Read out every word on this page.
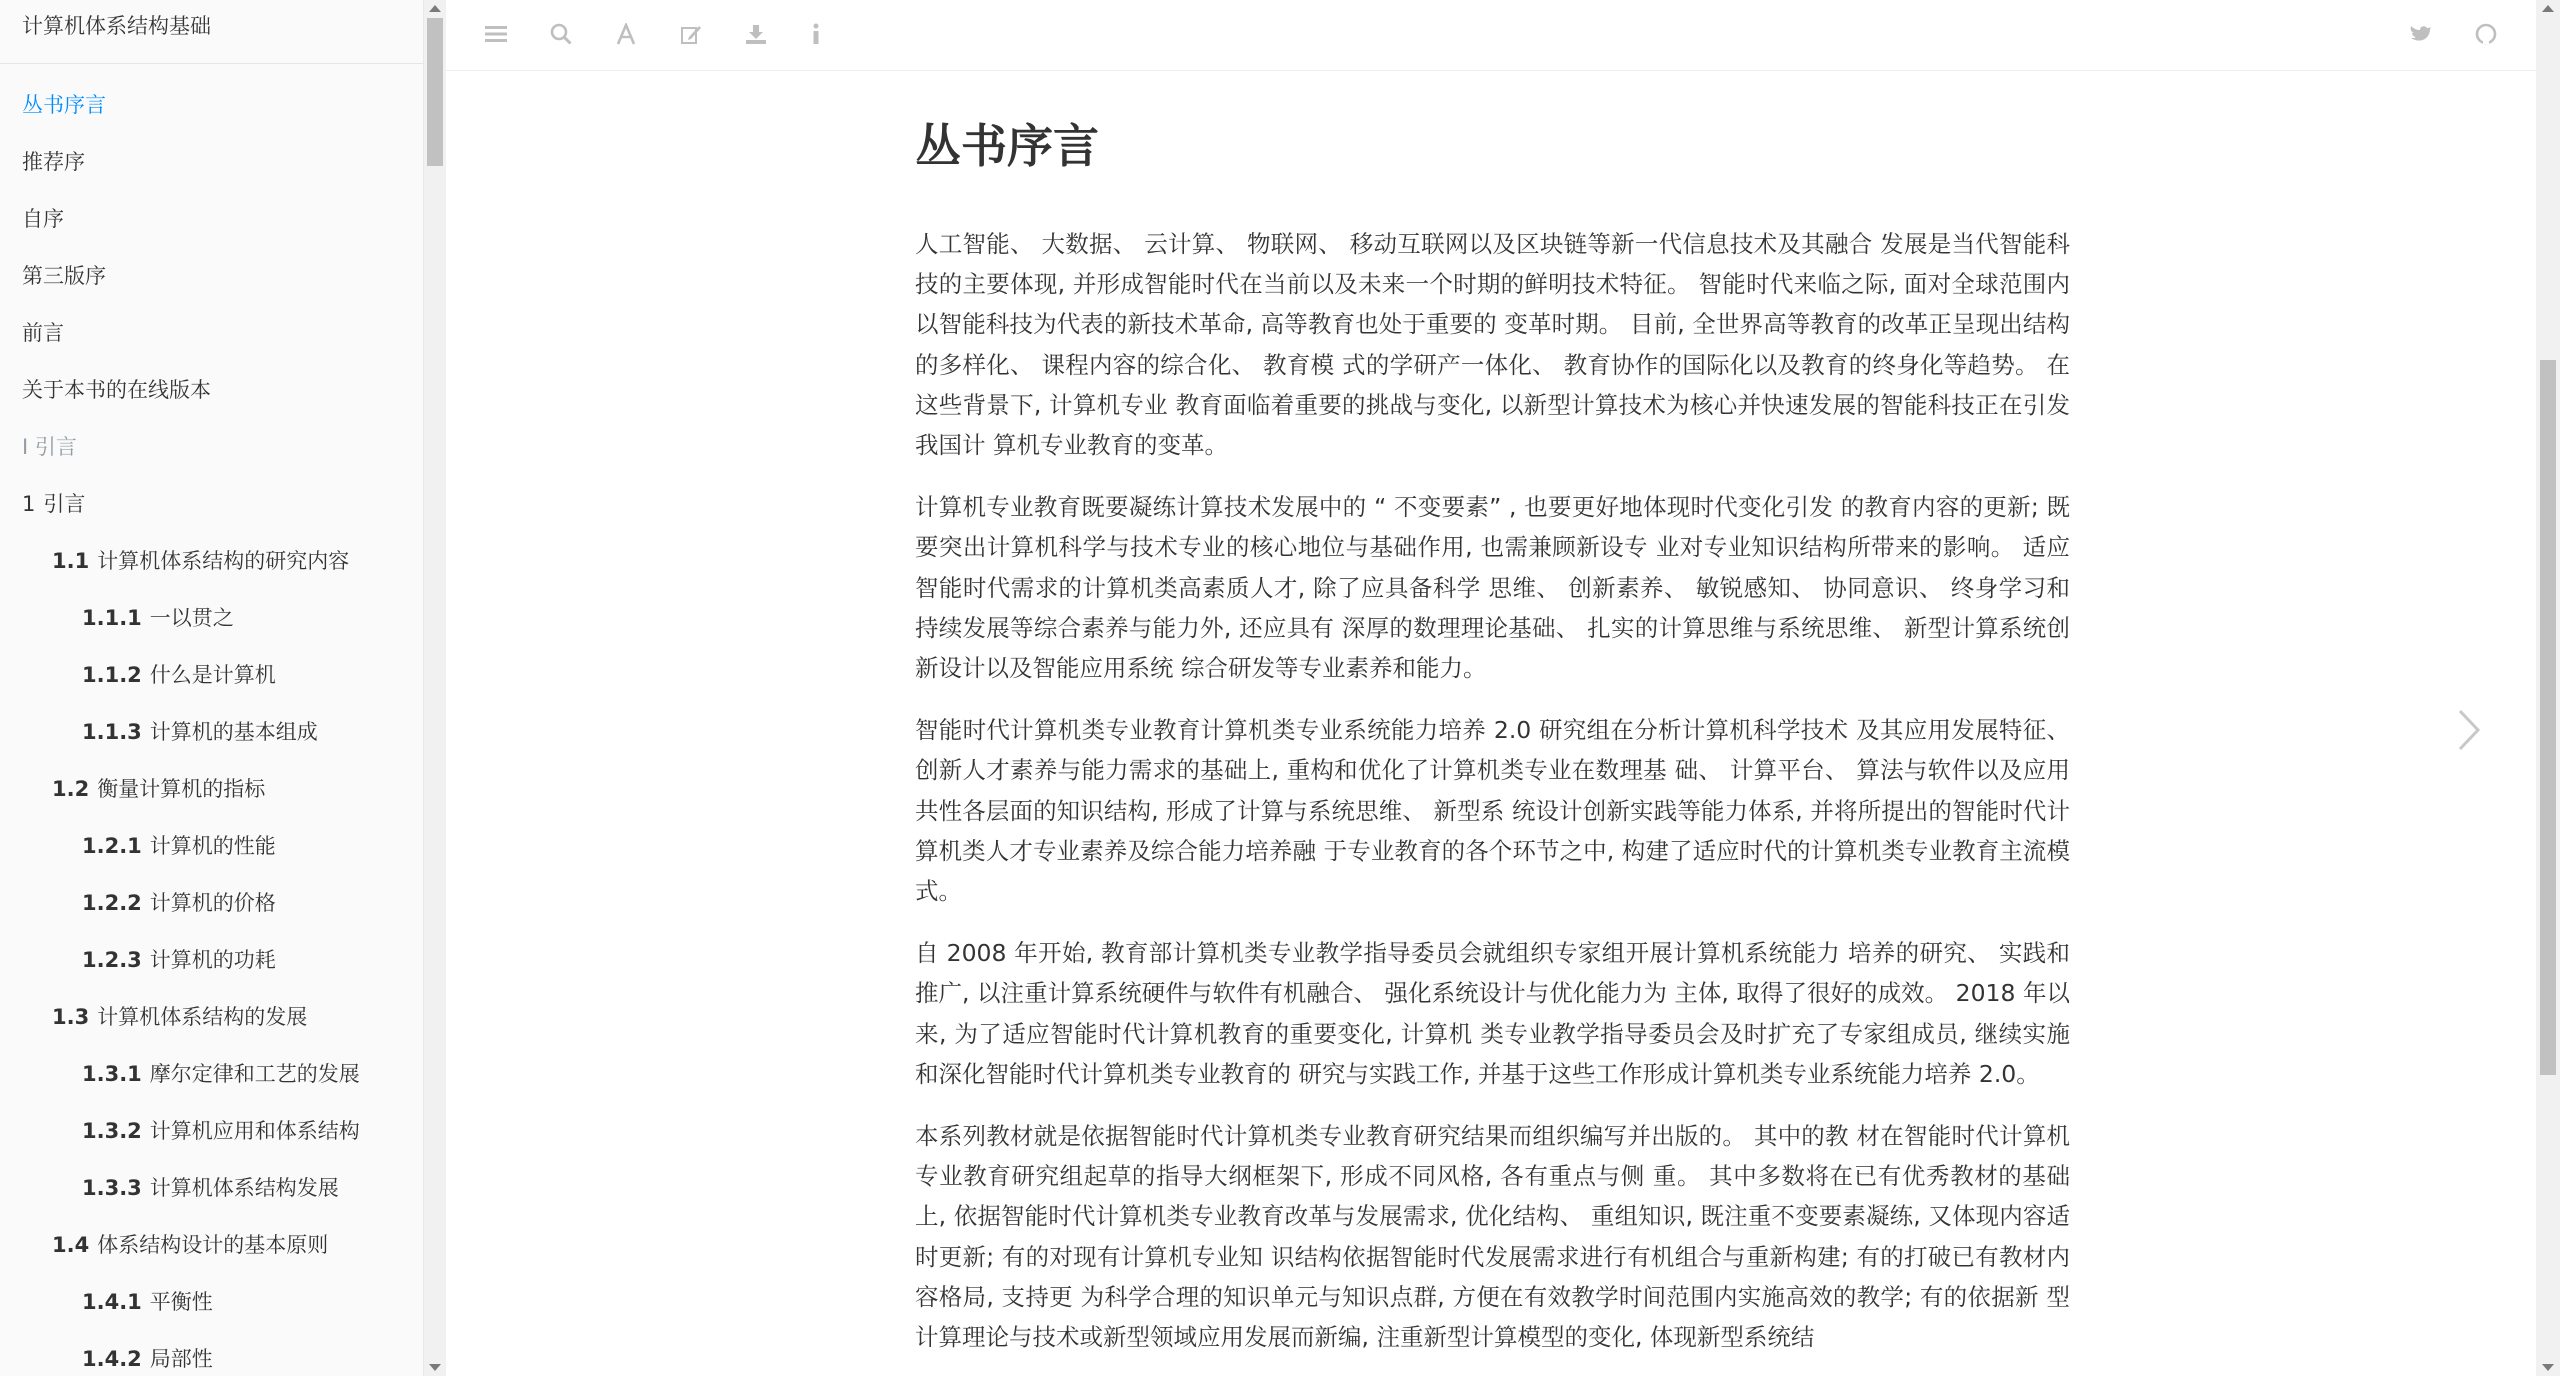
计算机体系结构基础
丛书序言
推荐序
自序
第三版序
前言
关于本书的在线版本
I 引言
1 引言
1.1 计算机体系结构的研究内容
1.1.1 一以贯之
1.1.2 什么是计算机
1.1.3 计算机的基本组成
1.2 衡量计算机的指标
1.2.1 计算机的性能
1.2.2 计算机的价格
1.2.3 计算机的功耗
1.3 计算机体系结构的发展
1.3.1 摩尔定律和工艺的发展
1.3.2 计算机应用和体系结构
1.3.3 计算机体系结构发展
1.4 体系结构设计的基本原则
1.4.1 平衡性
1.4.2 局部性
丛书序言

人工智能、 大数据、 云计算、 物联网、 移动互联网以及区块链等新一代信息技术及其融合 发展是当代智能科技的主要体现, 并形成智能时代在当前以及未来一个时期的鲜明技术特征。 智能时代来临之际, 面对全球范围内以智能科技为代表的新技术革命, 高等教育也处于重要的 变革时期。 目前, 全世界高等教育的改革正呈现出结构的多样化、 课程内容的综合化、 教育模 式的学研产一体化、 教育协作的国际化以及教育的终身化等趋势。 在这些背景下, 计算机专业 教育面临着重要的挑战与变化, 以新型计算技术为核心并快速发展的智能科技正在引发我国计 算机专业教育的变革。

计算机专业教育既要凝练计算技术发展中的 “ 不变要素” , 也要更好地体现时代变化引发 的教育内容的更新; 既要突出计算机科学与技术专业的核心地位与基础作用, 也需兼顾新设专 业对专业知识结构所带来的影响。 适应智能时代需求的计算机类高素质人才, 除了应具备科学 思维、 创新素养、 敏锐感知、 协同意识、 终身学习和持续发展等综合素养与能力外, 还应具有 深厚的数理理论基础、 扎实的计算思维与系统思维、 新型计算系统创新设计以及智能应用系统 综合研发等专业素养和能力。

智能时代计算机类专业教育计算机类专业系统能力培养 2.0 研究组在分析计算机科学技术 及其应用发展特征、 创新人才素养与能力需求的基础上, 重构和优化了计算机类专业在数理基 础、 计算平台、 算法与软件以及应用共性各层面的知识结构, 形成了计算与系统思维、 新型系 统设计创新实践等能力体系, 并将所提出的智能时代计算机类人才专业素养及综合能力培养融 于专业教育的各个环节之中, 构建了适应时代的计算机类专业教育主流模式。

自 2008 年开始, 教育部计算机类专业教学指导委员会就组织专家组开展计算机系统能力 培养的研究、 实践和推广, 以注重计算系统硬件与软件有机融合、 强化系统设计与优化能力为 主体, 取得了很好的成效。 2018 年以来, 为了适应智能时代计算机教育的重要变化, 计算机 类专业教学指导委员会及时扩充了专家组成员, 继续实施和深化智能时代计算机类专业教育的 研究与实践工作, 并基于这些工作形成计算机类专业系统能力培养 2.0。

本系列教材就是依据智能时代计算机类专业教育研究结果而组织编写并出版的。 其中的教 材在智能时代计算机专业教育研究组起草的指导大纲框架下, 形成不同风格, 各有重点与侧 重。 其中多数将在已有优秀教材的基础上, 依据智能时代计算机类专业教育改革与发展需求, 优化结构、 重组知识, 既注重不变要素凝练, 又体现内容适时更新; 有的对现有计算机专业知 识结构依据智能时代发展需求进行有机组合与重新构建; 有的打破已有教材内容格局, 支持更 为科学合理的知识单元与知识点群, 方便在有效教学时间范围内实施高效的教学; 有的依据新 型计算理论与技术或新型领域应用发展而新编, 注重新型计算模型的变化, 体现新型系统结
